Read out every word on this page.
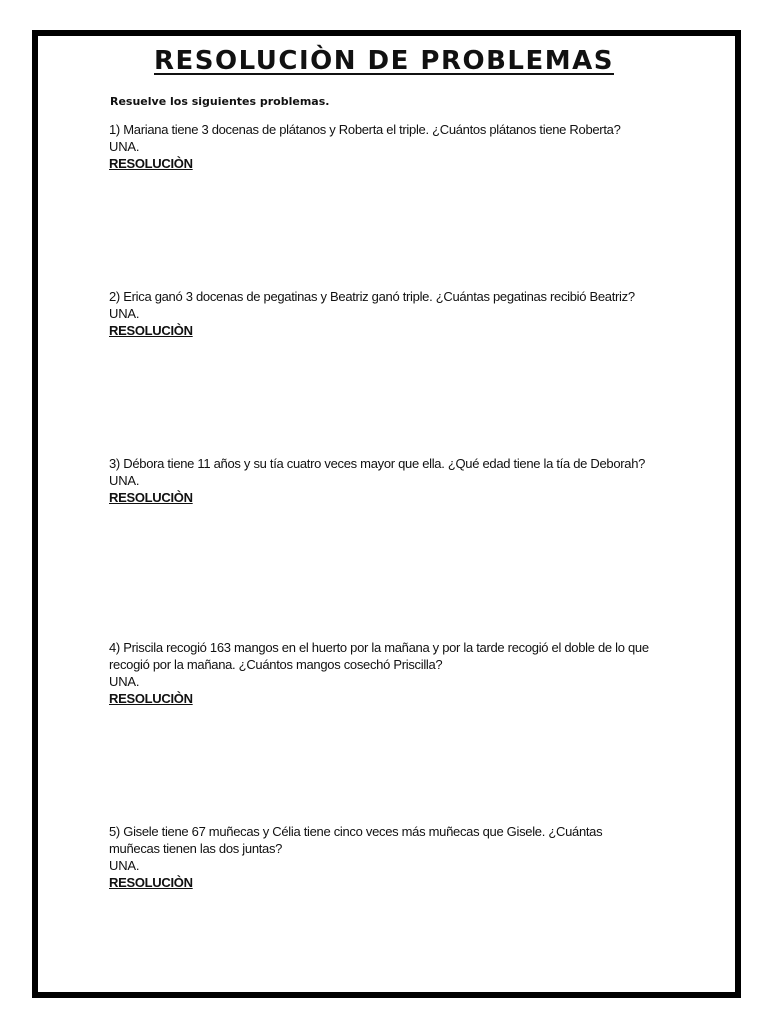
RESOLUCIÒN DE PROBLEMAS
Resuelve los siguientes problemas.
1) Mariana tiene 3 docenas de plátanos y Roberta el triple. ¿Cuántos plátanos tiene Roberta?
UNA.
RESOLUCIÒN
2) Erica ganó 3 docenas de pegatinas y Beatriz ganó triple. ¿Cuántas pegatinas recibió Beatriz?
UNA.
RESOLUCIÒN
3) Débora tiene 11 años y su tía cuatro veces mayor que ella. ¿Qué edad tiene la tía de Deborah?
UNA.
RESOLUCIÒN
4) Priscila recogió 163 mangos en el huerto por la mañana y por la tarde recogió el doble de lo que recogió por la mañana. ¿Cuántos mangos cosechó Priscilla?
UNA.
RESOLUCIÒN
5) Gisele tiene 67 muñecas y Célia tiene cinco veces más muñecas que Gisele. ¿Cuántas muñecas tienen las dos juntas?
UNA.
RESOLUCIÒN
